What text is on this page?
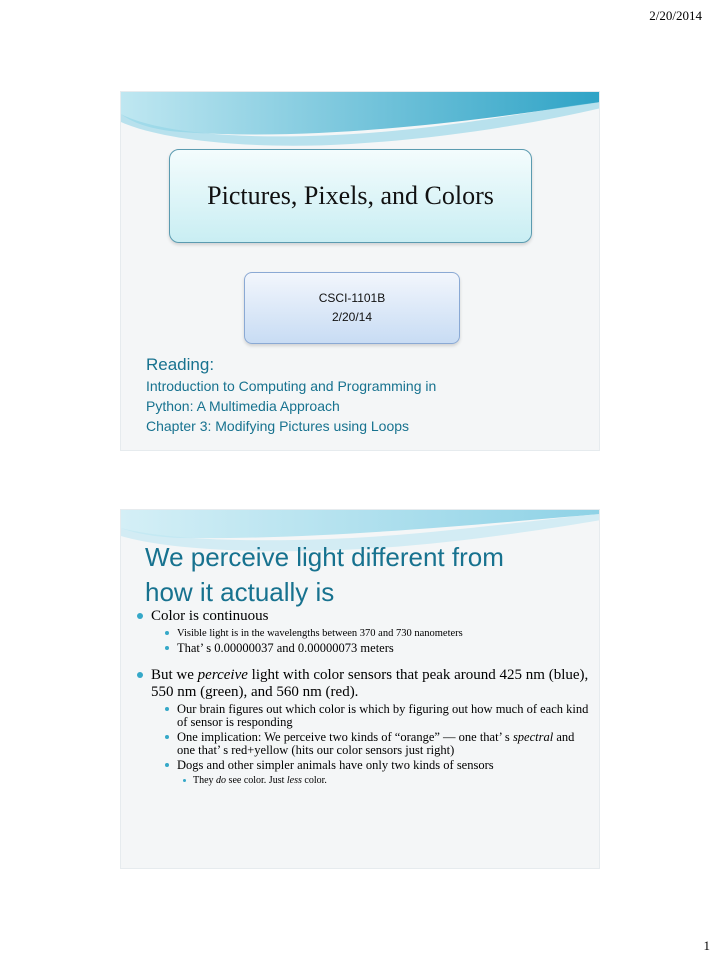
2/20/2014
Pictures, Pixels, and Colors
CSCI-1101B
2/20/14
Reading:
Introduction to Computing and Programming in
Python: A Multimedia Approach
Chapter 3: Modifying Pictures using Loops
We perceive light different from
how it actually is
Color is continuous
Visible light is in the wavelengths between 370 and 730 nanometers
That’ s 0.00000037 and 0.00000073 meters
But we perceive light with color sensors that peak around 425 nm (blue), 550 nm (green), and 560 nm (red).
Our brain figures out which color is which by figuring out how much of each kind of sensor is responding
One implication: We perceive two kinds of “orange” — one that’ s spectral and one that’ s red+yellow (hits our color sensors just right)
Dogs and other simpler animals have only two kinds of sensors
They do see color. Just less color.
1
